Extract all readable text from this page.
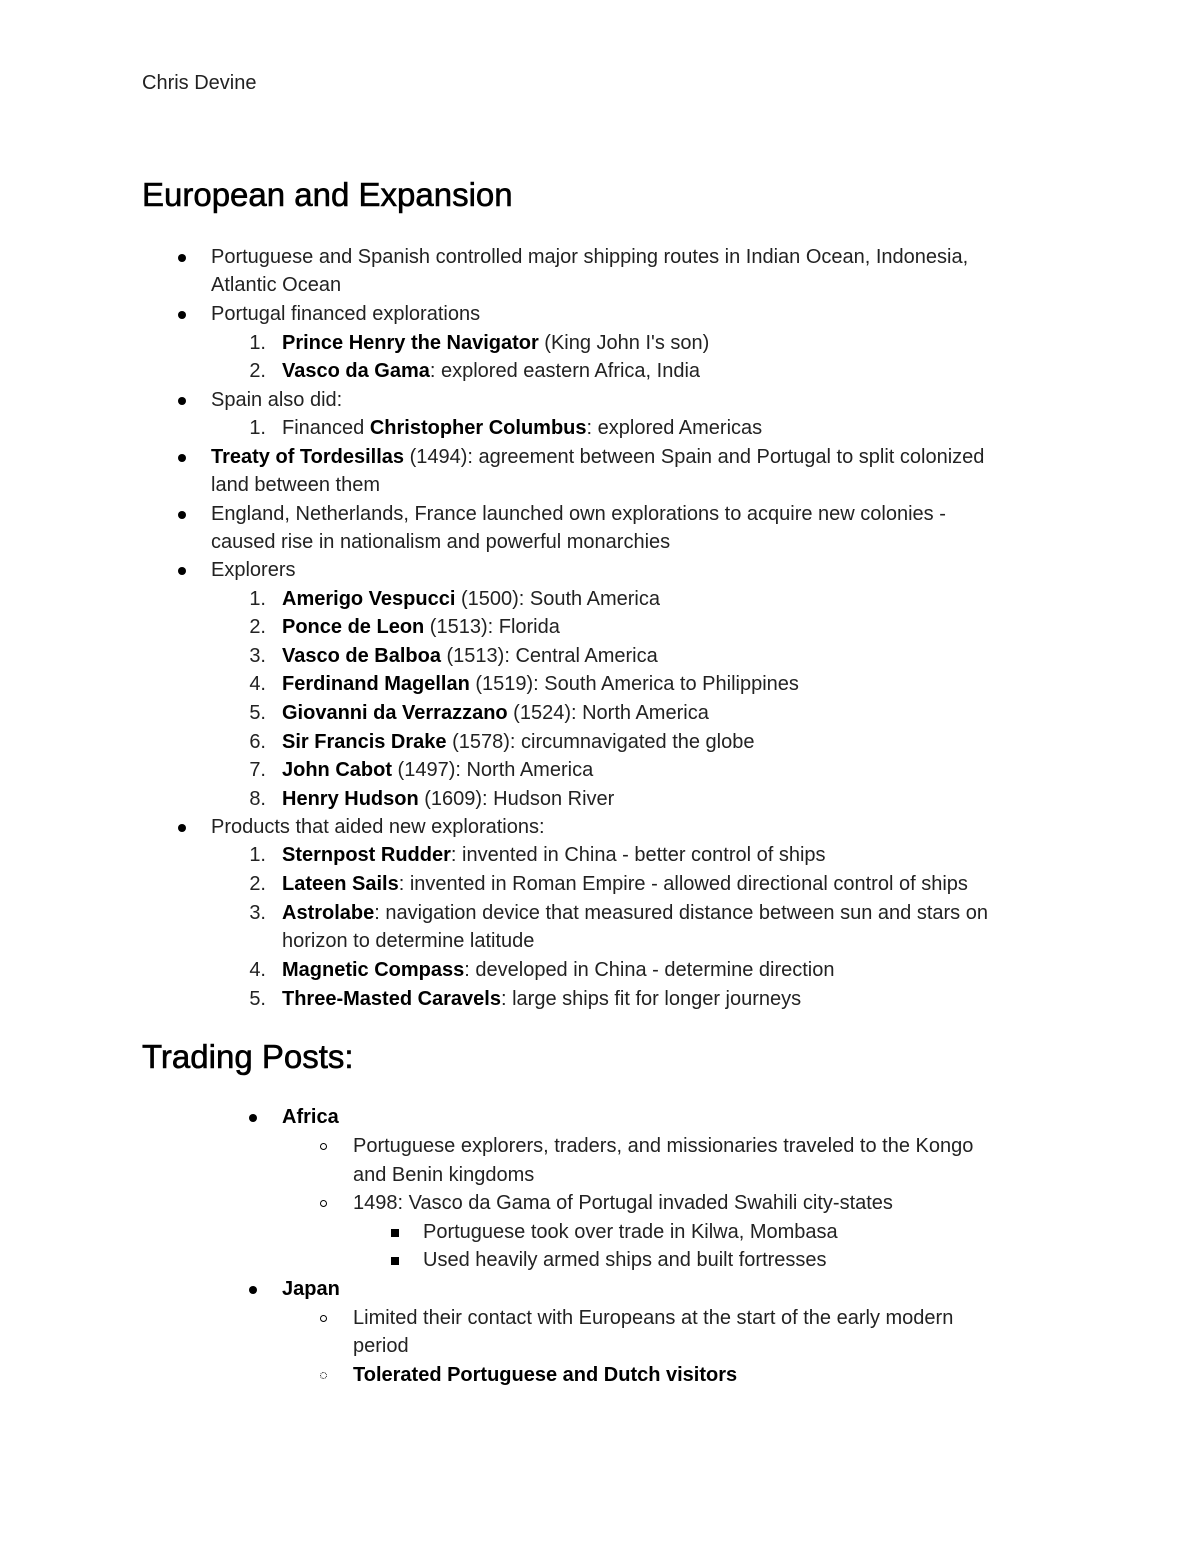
Chris Devine
European and Expansion
Portuguese and Spanish controlled major shipping routes in Indian Ocean, Indonesia,
Atlantic Ocean
Portugal financed explorations
1. Prince Henry the Navigator (King John I's son)
2. Vasco da Gama: explored eastern Africa, India
Spain also did:
1. Financed Christopher Columbus: explored Americas
Treaty of Tordesillas (1494): agreement between Spain and Portugal to split colonized
land between them
England, Netherlands, France launched own explorations to acquire new colonies -
caused rise in nationalism and powerful monarchies
Explorers
1. Amerigo Vespucci (1500): South America
2. Ponce de Leon (1513): Florida
3. Vasco de Balboa (1513): Central America
4. Ferdinand Magellan (1519): South America to Philippines
5. Giovanni da Verrazzano (1524): North America
6. Sir Francis Drake (1578): circumnavigated the globe
7. John Cabot (1497): North America
8. Henry Hudson (1609): Hudson River
Products that aided new explorations:
1. Sternpost Rudder: invented in China - better control of ships
2. Lateen Sails: invented in Roman Empire - allowed directional control of ships
3. Astrolabe: navigation device that measured distance between sun and stars on
horizon to determine latitude
4. Magnetic Compass: developed in China - determine direction
5. Three-Masted Caravels: large ships fit for longer journeys
Trading Posts:
Africa
Portuguese explorers, traders, and missionaries traveled to the Kongo
and Benin kingdoms
1498: Vasco da Gama of Portugal invaded Swahili city-states
Portuguese took over trade in Kilwa, Mombasa
Used heavily armed ships and built fortresses
Japan
Limited their contact with Europeans at the start of the early modern
period
Tolerated Portuguese and Dutch visitors
